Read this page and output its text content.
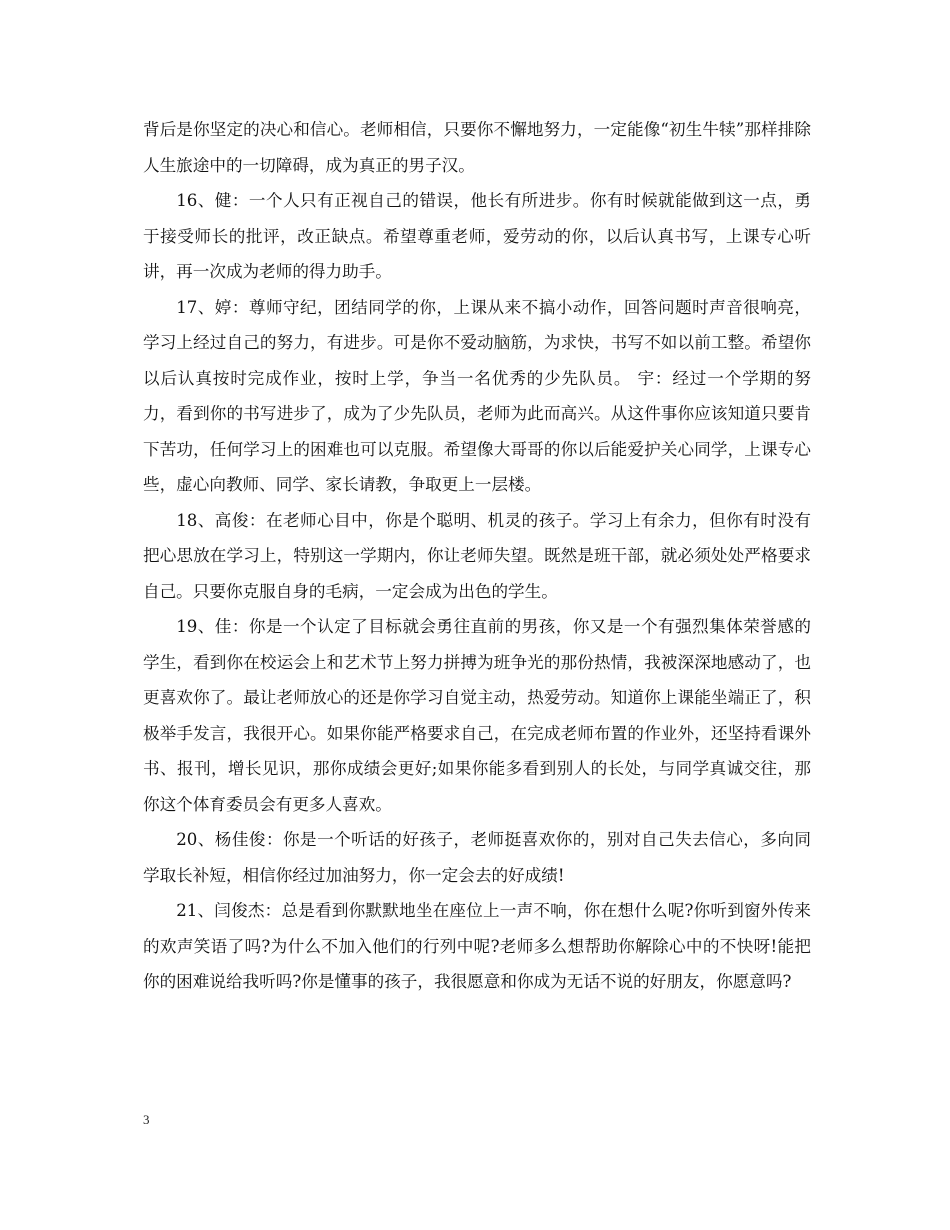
背后是你坚定的决心和信心。老师相信，只要你不懈地努力，一定能像“初生牛犊”那样排除人生旅途中的一切障碍，成为真正的男子汉。

16、健：一个人只有正视自己的错误，他长有所进步。你有时候就能做到这一点，勇于接受师长的批评，改正缺点。希望尊重老师，爱劳动的你，以后认真书写，上课专心听讲，再一次成为老师的得力助手。

17、婷：尊师守纪，团结同学的你，上课从来不搞小动作，回答问题时声音很响亮，学习上经过自己的努力，有进步。可是你不爱动脑筋，为求快，书写不如以前工整。希望你以后认真按时完成作业，按时上学，争当一名优秀的少先队员。 宇：经过一个学期的努力，看到你的书写进步了，成为了少先队员，老师为此而高兴。从这件事你应该知道只要肯下苦功，任何学习上的困难也可以克服。希望像大哥哥的你以后能爱护关心同学，上课专心些，虚心向教师、同学、家长请教，争取更上一层楼。

18、高俊：在老师心目中，你是个聪明、机灵的孩子。学习上有余力，但你有时没有把心思放在学习上，特别这一学期内，你让老师失望。既然是班干部，就必须处处严格要求自己。只要你克服自身的毛病，一定会成为出色的学生。

19、佳：你是一个认定了目标就会勇往直前的男孩，你又是一个有强烈集体荣誉感的学生，看到你在校运会上和艺术节上努力拼搏为班争光的那份热情，我被深深地感动了，也更喜欢你了。最让老师放心的还是你学习自觉主动，热爱劳动。知道你上课能坐端正了，积极举手发言，我很开心。如果你能严格要求自己，在完成老师布置的作业外，还坚持看课外书、报刊，增长见识，那你成绩会更好;如果你能多看到别人的长处，与同学真诚交往，那你这个体育委员会有更多人喜欢。

20、杨佳俊：你是一个听话的好孩子，老师挺喜欢你的，别对自己失去信心，多向同学取长补短，相信你经过加油努力，你一定会去的好成绩!

21、闫俊杰：总是看到你默默地坐在座位上一声不响，你在想什么呢?你听到窗外传来的欢声笑语了吗?为什么不加入他们的行列中呢?老师多么想帮助你解除心中的不快呀!能把你的困难说给我听吗?你是懂事的孩子，我很愿意和你成为无话不说的好朋友，你愿意吗?

3
